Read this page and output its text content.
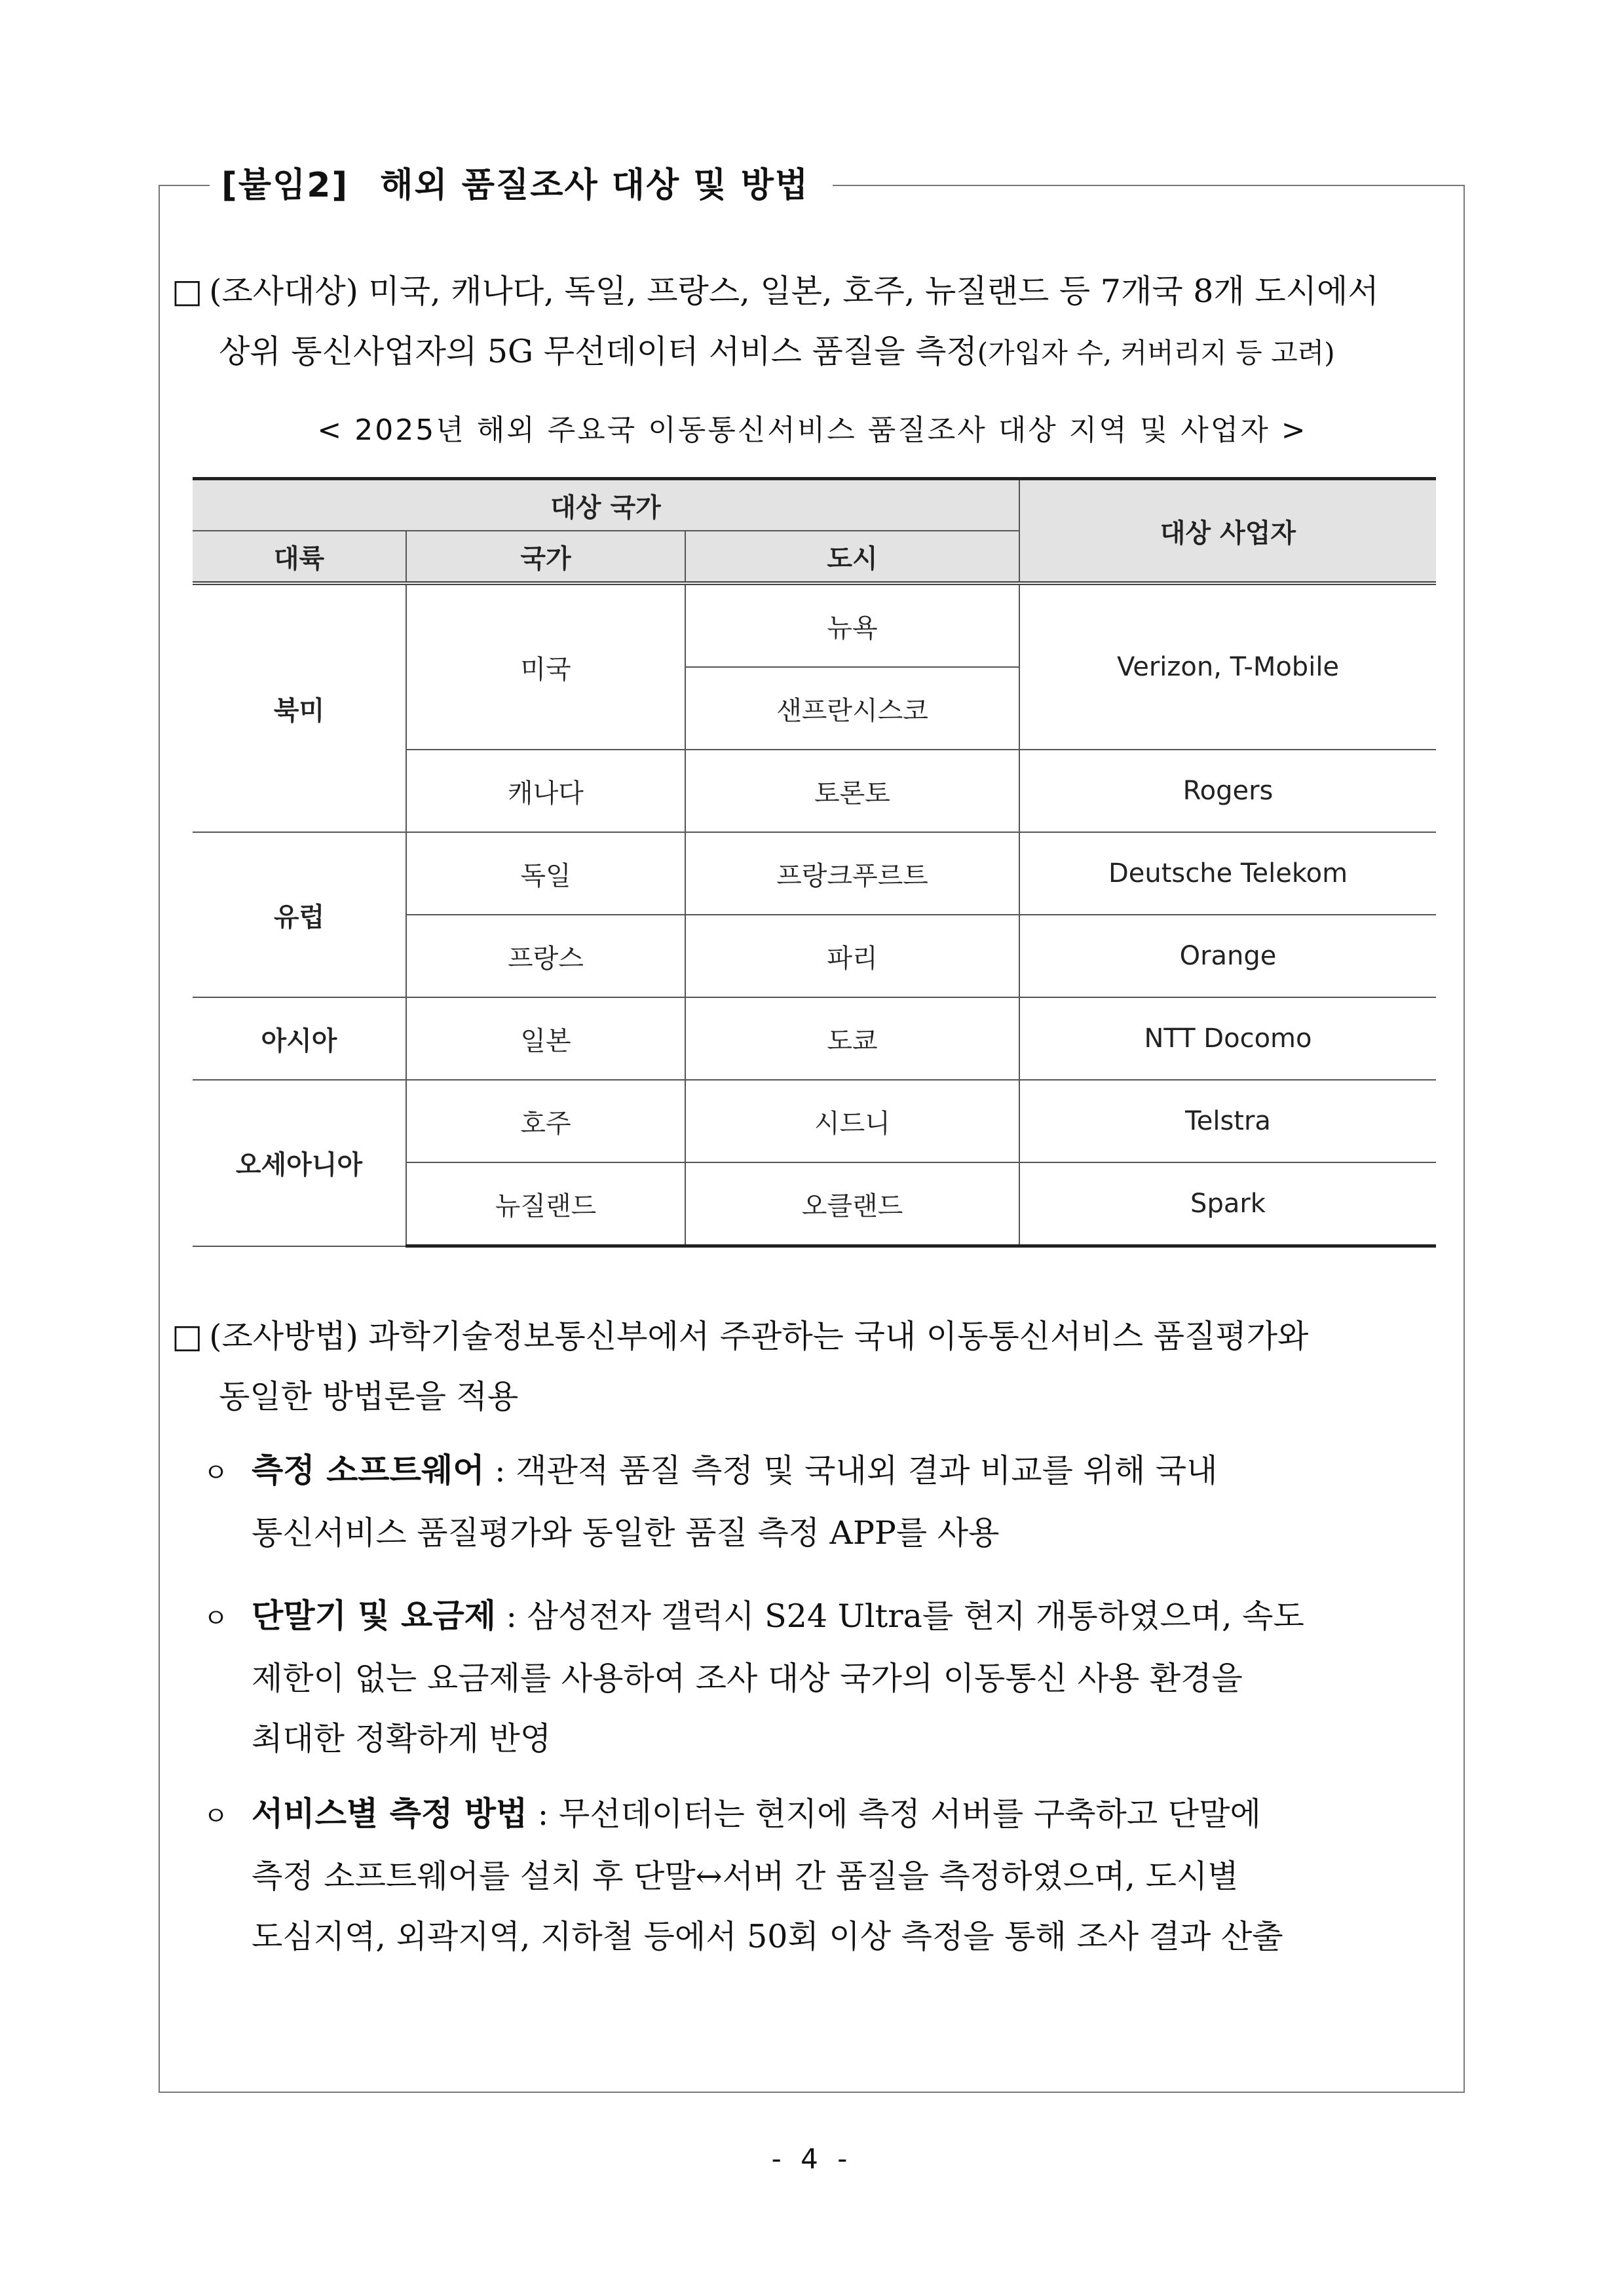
[붙임2] 해외 품질조사 대상 및 방법
□ (조사대상) 미국, 캐나다, 독일, 프랑스, 일본, 호주, 뉴질랜드 등 7개국 8개 도시에서
상위 통신사업자의 5G 무선데이터 서비스 품질을 측정(가입자 수, 커버리지 등 고려)
< 2025년 해외 주요국 이동통신서비스 품질조사 대상 지역 및 사업자 >
대상 국가			대상 사업자
대륙	국가	도시	
북미	미국	뉴욕	Verizon, T-Mobile
		샌프란시스코	
	캐나다	토론토	Rogers
유럽	독일	프랑크푸르트	Deutsche Telekom
	프랑스	파리	Orange
아시아	일본	도쿄	NTT Docomo
오세아니아	호주	시드니	Telstra
	뉴질랜드	오클랜드	Spark
□ (조사방법) 과학기술정보통신부에서 주관하는 국내 이동통신서비스 품질평가와
동일한 방법론을 적용
ㅇ 측정 소프트웨어 : 객관적 품질 측정 및 국내외 결과 비교를 위해 국내
통신서비스 품질평가와 동일한 품질 측정 APP를 사용
ㅇ 단말기 및 요금제 : 삼성전자 갤럭시 S24 Ultra를 현지 개통하였으며, 속도
제한이 없는 요금제를 사용하여 조사 대상 국가의 이동통신 사용 환경을
최대한 정확하게 반영
ㅇ 서비스별 측정 방법 : 무선데이터는 현지에 측정 서버를 구축하고 단말에
측정 소프트웨어를 설치 후 단말↔서버 간 품질을 측정하였으며, 도시별
도심지역, 외곽지역, 지하철 등에서 50회 이상 측정을 통해 조사 결과 산출
- 4 -
